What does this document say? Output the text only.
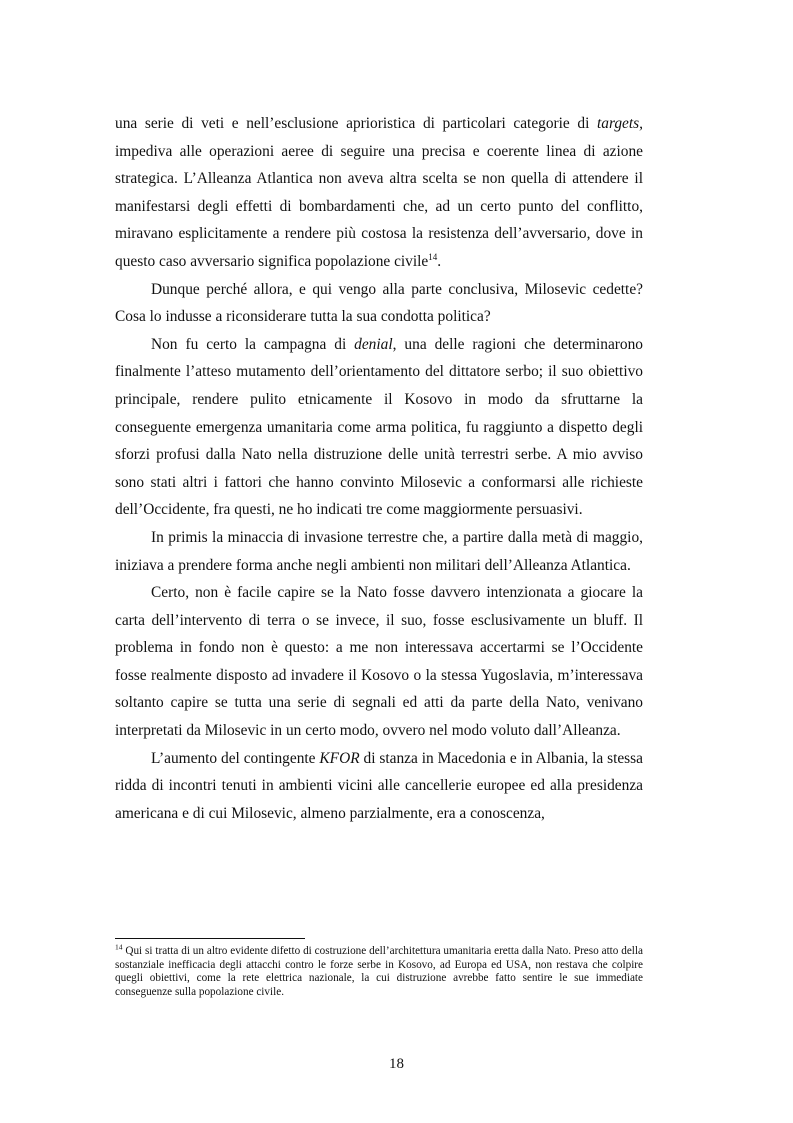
una serie di veti e nell’esclusione aprioristica di particolari categorie di targets, impediva alle operazioni aeree di seguire una precisa e coerente linea di azione strategica. L’Alleanza Atlantica non aveva altra scelta se non quella di attendere il manifestarsi degli effetti di bombardamenti che, ad un certo punto del conflitto, miravano esplicitamente a rendere più costosa la resistenza dell’avversario, dove in questo caso avversario significa popolazione civile$^{14}$.

Dunque perché allora, e qui vengo alla parte conclusiva, Milosevic cedette? Cosa lo indusse a riconsiderare tutta la sua condotta politica?

Non fu certo la campagna di denial, una delle ragioni che determinarono finalmente l’atteso mutamento dell’orientamento del dittatore serbo; il suo obiettivo principale, rendere pulito etnicamente il Kosovo in modo da sfruttarne la conseguente emergenza umanitaria come arma politica, fu raggiunto a dispetto degli sforzi profusi dalla Nato nella distruzione delle unità terrestri serbe. A mio avviso sono stati altri i fattori che hanno convinto Milosevic a conformarsi alle richieste dell’Occidente, fra questi, ne ho indicati tre come maggiormente persuasivi.

In primis la minaccia di invasione terrestre che, a partire dalla metà di maggio, iniziava a prendere forma anche negli ambienti non militari dell’Alleanza Atlantica.

Certo, non è facile capire se la Nato fosse davvero intenzionata a giocare la carta dell’intervento di terra o se invece, il suo, fosse esclusivamente un bluff. Il problema in fondo non è questo: a me non interessava accertarmi se l’Occidente fosse realmente disposto ad invadere il Kosovo o la stessa Yugoslavia, m’interessava soltanto capire se tutta una serie di segnali ed atti da parte della Nato, venivano interpretati da Milosevic in un certo modo, ovvero nel modo voluto dall’Alleanza.

L’aumento del contingente KFOR di stanza in Macedonia e in Albania, la stessa ridda di incontri tenuti in ambienti vicini alle cancellerie europee ed alla presidenza americana e di cui Milosevic, almeno parzialmente, era a conoscenza,

$^{14}$ Qui si tratta di un altro evidente difetto di costruzione dell’architettura umanitaria eretta dalla Nato. Preso atto della sostanziale inefficacia degli attacchi contro le forze serbe in Kosovo, ad Europa ed USA, non restava che colpire quegli obiettivi, come la rete elettrica nazionale, la cui distruzione avrebbe fatto sentire le sue immediate conseguenze sulla popolazione civile.

18
